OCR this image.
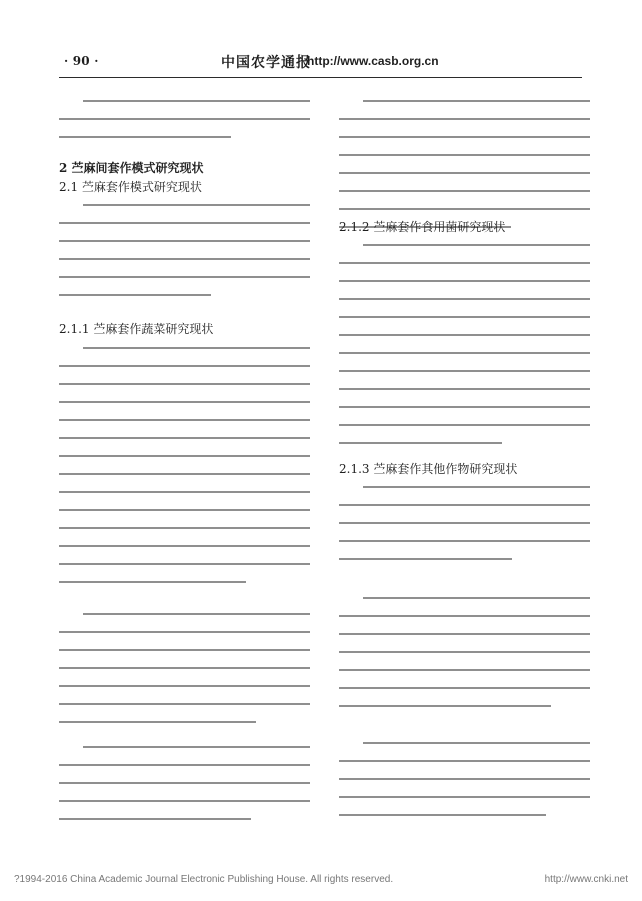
· 90 ·	中国农学通报
http://www.casb.org.cn
2 苎麻间套作模式研究现状
2.1 苎麻套作模式研究现状
2.1.1 苎麻套作蔬菜研究现状
2.1.2 苎麻套作食用菌研究现状
2.1.3 苎麻套作其他作物研究现状
?1994-2016 China Academic Journal Electronic Publishing House. All rights reserved.	http://www.cnki.net
